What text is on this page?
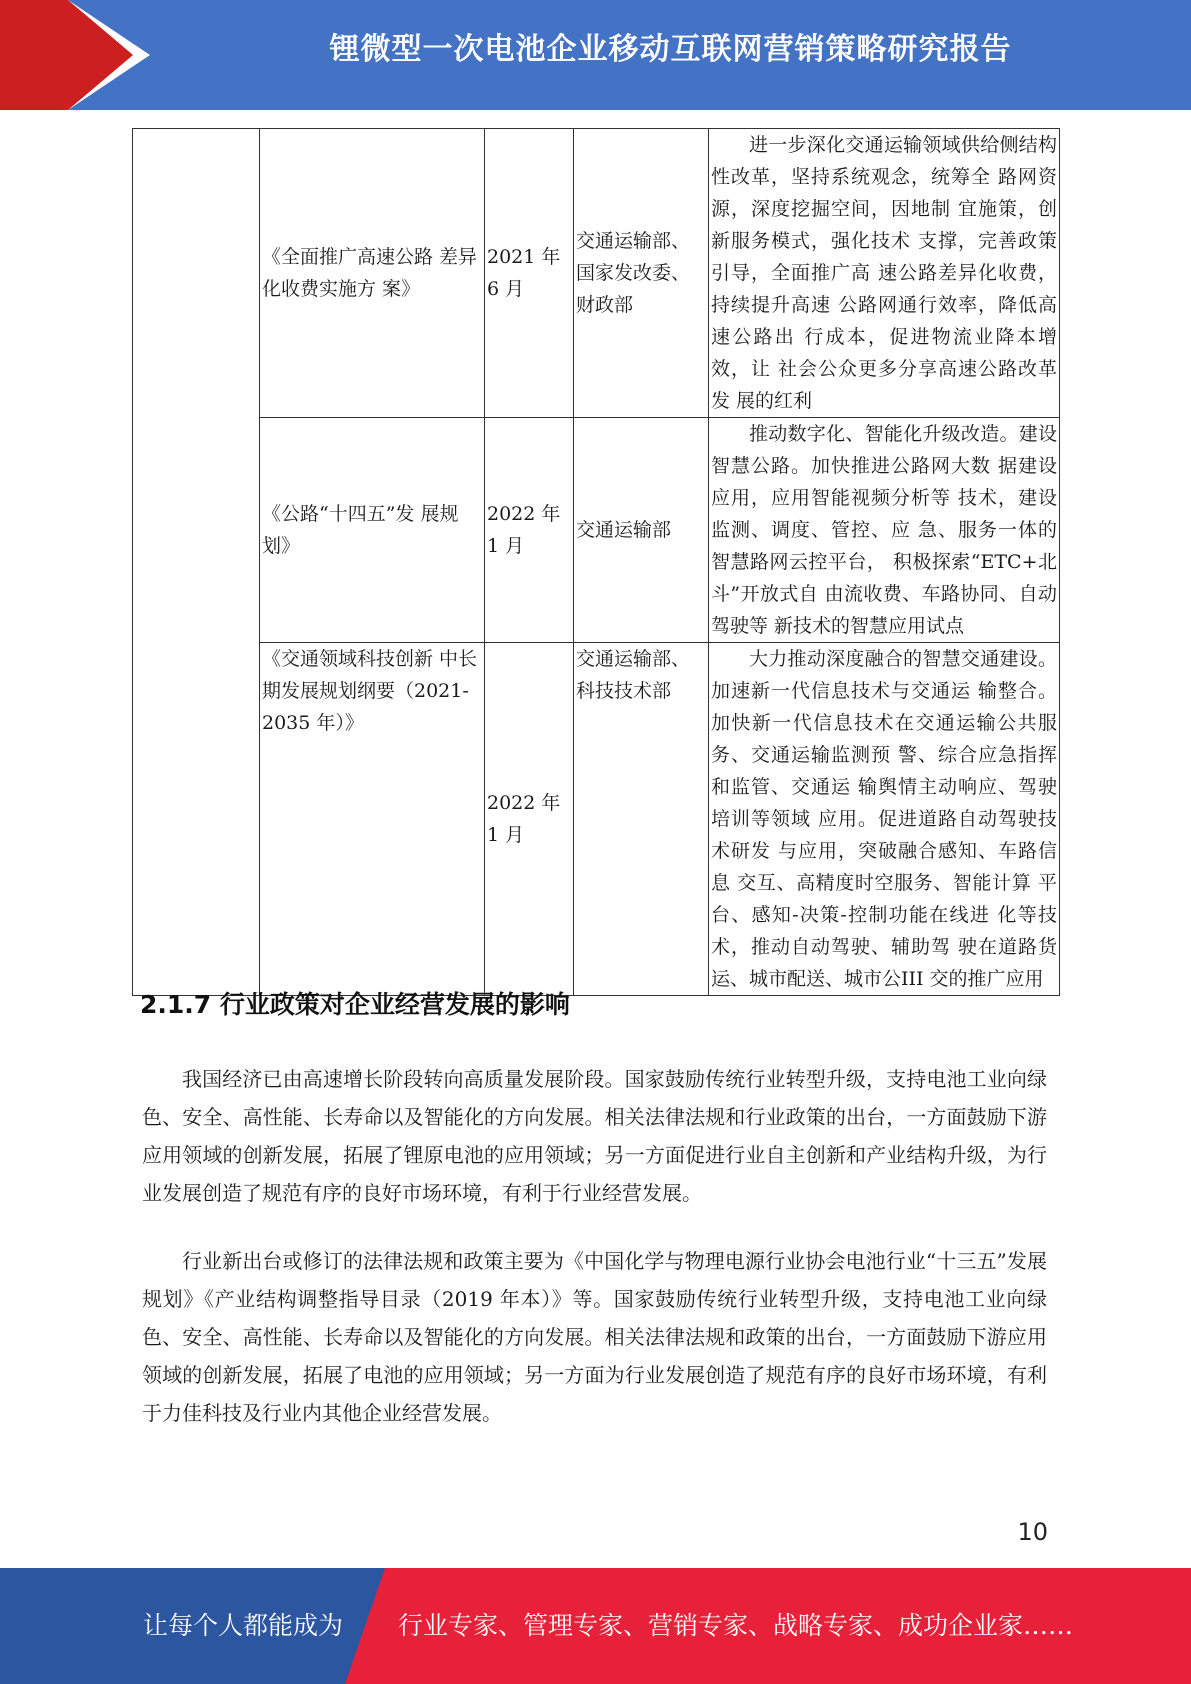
锂微型一次电池企业移动互联网营销策略研究报告
	《全面推广高速公路 差异化收费实施方 案》	2021 年 6 月	交通运输部、国家发改委、财政部	进一步深化交通运输领域供给侧结构性改革，坚持系统观念，统筹全 路网资源，深度挖掘空间，因地制 宜施策，创新服务模式，强化技术 支撑，完善政策引导，全面推广高 速公路差异化收费，持续提升高速 公路网通行效率，降低高速公路出 行成本，促进物流业降本增效，让 社会公众更多分享高速公路改革发 展的红利

	《公路“十四五”发 展规划》	2022 年 1 月	交通运输部	推动数字化、智能化升级改造。建设智慧公路。加快推进公路网大数 据建设应用，应用智能视频分析等 技术，建设监测、调度、管控、应 急、服务一体的智慧路网云控平台， 积极探索“ETC+北斗”开放式自 由流收费、车路协同、自动驾驶等 新技术的智慧应用试点

	《交通领域科技创新 中长期发展规划纲要（2021-2035 年）》	2022 年 1 月	交通运输部、科技技术部	大力推动深度融合的智慧交通建设。加速新一代信息技术与交通运 输整合。加快新一代信息技术在交通运输公共服务、交通运输监测预 警、综合应急指挥和监管、交通运 输舆情主动响应、驾驶培训等领域 应用。促进道路自动驾驶技术研发 与应用，突破融合感知、车路信息 交互、高精度时空服务、智能计算 平台、感知-决策-控制功能在线进 化等技术，推动自动驾驶、辅助驾 驶在道路货运、城市配送、城市公III 交的推广应用
2.1.7 行业政策对企业经营发展的影响

我国经济已由高速增长阶段转向高质量发展阶段。国家鼓励传统行业转型升级，支持电池工业向绿色、安全、高性能、长寿命以及智能化的方向发展。相关法律法规和行业政策的出台，一方面鼓励下游应用领域的创新发展，拓展了锂原电池的应用领域；另一方面促进行业自主创新和产业结构升级，为行业发展创造了规范有序的良好市场环境，有利于行业经营发展。

行业新出台或修订的法律法规和政策主要为《中国化学与物理电源行业协会电池行业“十三五”发展规划》《产业结构调整指导目录（2019 年本）》等。国家鼓励传统行业转型升级，支持电池工业向绿色、安全、高性能、长寿命以及智能化的方向发展。相关法律法规和政策的出台，一方面鼓励下游应用领域的创新发展，拓展了电池的应用领域；另一方面为行业发展创造了规范有序的良好市场环境，有利于力佳科技及行业内其他企业经营发展。

10
让每个人都能成为 行业专家、管理专家、营销专家、战略专家、成功企业家……
